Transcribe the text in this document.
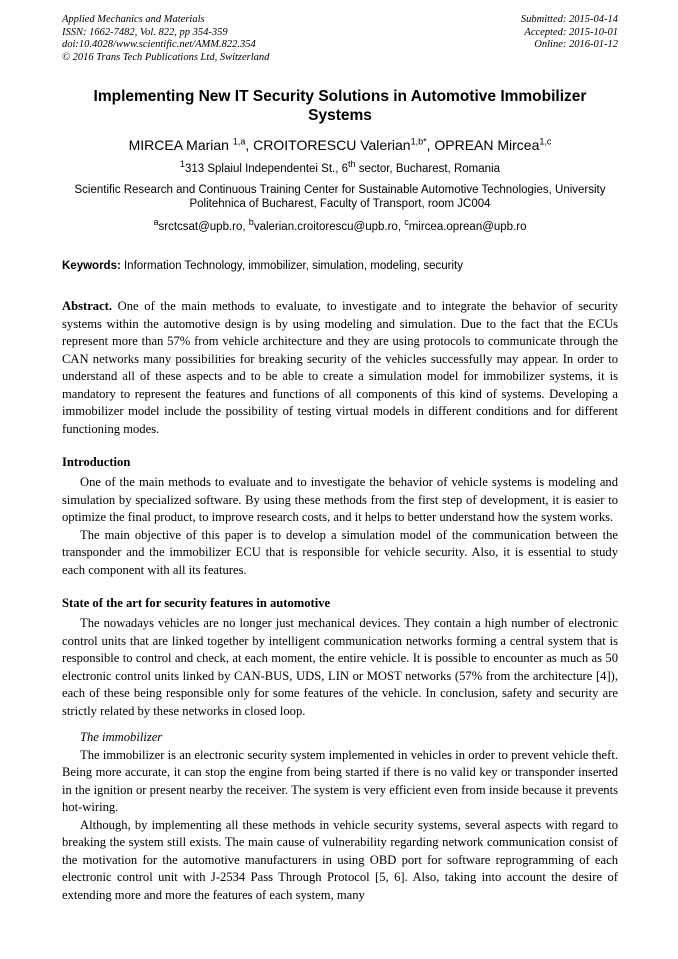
Applied Mechanics and Materials
ISSN: 1662-7482, Vol. 822, pp 354-359
doi:10.4028/www.scientific.net/AMM.822.354
© 2016 Trans Tech Publications Ltd, Switzerland
Submitted: 2015-04-14
Accepted: 2015-10-01
Online: 2016-01-12
Implementing New IT Security Solutions in Automotive Immobilizer Systems
MIRCEA Marian $^{1,a}$, CROITORESCU Valerian$^{1,b*}$, OPREAN Mircea$^{1,c}$
$^1$313 Splaiul Independentei St., 6th sector, Bucharest, Romania
Scientific Research and Continuous Training Center for Sustainable Automotive Technologies, University Politehnica of Bucharest, Faculty of Transport, room JC004
$^a$srctcsat@upb.ro, $^b$valerian.croitorescu@upb.ro, $^c$mircea.oprean@upb.ro
Keywords: Information Technology, immobilizer, simulation, modeling, security
Abstract. One of the main methods to evaluate, to investigate and to integrate the behavior of security systems within the automotive design is by using modeling and simulation. Due to the fact that the ECUs represent more than 57% from vehicle architecture and they are using protocols to communicate through the CAN networks many possibilities for breaking security of the vehicles successfully may appear. In order to understand all of these aspects and to be able to create a simulation model for immobilizer systems, it is mandatory to represent the features and functions of all components of this kind of systems. Developing a immobilizer model include the possibility of testing virtual models in different conditions and for different functioning modes.
Introduction

One of the main methods to evaluate and to investigate the behavior of vehicle systems is modeling and simulation by specialized software. By using these methods from the first step of development, it is easier to optimize the final product, to improve research costs, and it helps to better understand how the system works.

The main objective of this paper is to develop a simulation model of the communication between the transponder and the immobilizer ECU that is responsible for vehicle security. Also, it is essential to study each component with all its features.

State of the art for security features in automotive

The nowadays vehicles are no longer just mechanical devices. They contain a high number of electronic control units that are linked together by intelligent communication networks forming a central system that is responsible to control and check, at each moment, the entire vehicle. It is possible to encounter as much as 50 electronic control units linked by CAN-BUS, UDS, LIN or MOST networks (57% from the architecture [4]), each of these being responsible only for some features of the vehicle. In conclusion, safety and security are strictly related by these networks in closed loop.

The immobilizer

The immobilizer is an electronic security system implemented in vehicles in order to prevent vehicle theft. Being more accurate, it can stop the engine from being started if there is no valid key or transponder inserted in the ignition or present nearby the receiver. The system is very efficient even from inside because it prevents hot-wiring.

Although, by implementing all these methods in vehicle security systems, several aspects with regard to breaking the system still exists. The main cause of vulnerability regarding network communication consist of the motivation for the automotive manufacturers in using OBD port for software reprogramming of each electronic control unit with J-2534 Pass Through Protocol [5, 6]. Also, taking into account the desire of extending more and more the features of each system, many
